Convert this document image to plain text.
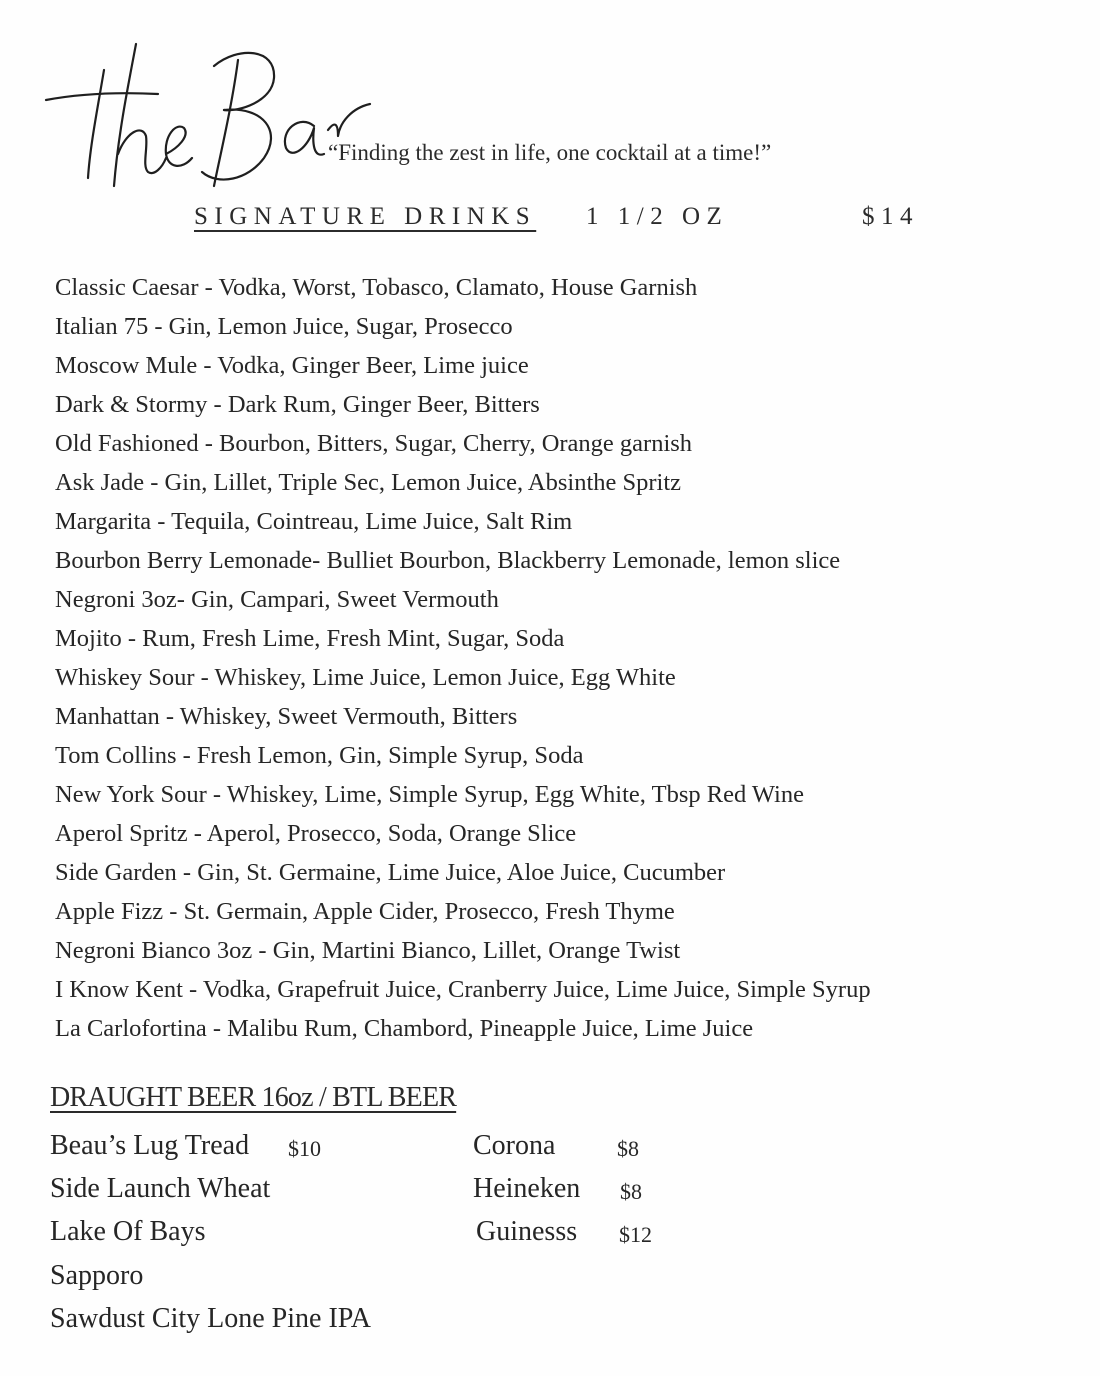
“Finding the zest in life, one cocktail at a time!”
SIGNATURE DRINKS 1 1/2 OZ	$14
Classic Caesar - Vodka, Worst, Tobasco, Clamato, House Garnish
Italian 75 - Gin, Lemon Juice, Sugar, Prosecco
Moscow Mule - Vodka, Ginger Beer, Lime juice
Dark & Stormy - Dark Rum, Ginger Beer, Bitters
Old Fashioned - Bourbon, Bitters, Sugar, Cherry, Orange garnish
Ask Jade - Gin, Lillet, Triple Sec, Lemon Juice, Absinthe Spritz
Margarita - Tequila, Cointreau, Lime Juice, Salt Rim
Bourbon Berry Lemonade- Bulliet Bourbon, Blackberry Lemonade, lemon slice
Negroni 3oz- Gin, Campari, Sweet Vermouth
Mojito - Rum, Fresh Lime, Fresh Mint, Sugar, Soda
Whiskey Sour - Whiskey, Lime Juice, Lemon Juice, Egg White
Manhattan - Whiskey, Sweet Vermouth, Bitters
Tom Collins - Fresh Lemon, Gin, Simple Syrup, Soda
New York Sour - Whiskey, Lime, Simple Syrup, Egg White, Tbsp Red Wine
Aperol Spritz - Aperol, Prosecco, Soda, Orange Slice
Side Garden - Gin, St. Germaine, Lime Juice, Aloe Juice, Cucumber
Apple Fizz - St. Germain, Apple Cider, Prosecco, Fresh Thyme
Negroni Bianco 3oz - Gin, Martini Bianco, Lillet, Orange Twist
I Know Kent - Vodka, Grapefruit Juice, Cranberry Juice, Lime Juice, Simple Syrup
La Carlofortina - Malibu Rum, Chambord, Pineapple Juice, Lime Juice
DRAUGHT BEER 16oz / BTL BEER
Beau’s Lug Tread $10
Side Launch Wheat
Lake Of Bays
Sapporo
Sawdust City Lone Pine IPA
Corona	$8
Heineken $8
Guinesss $12
